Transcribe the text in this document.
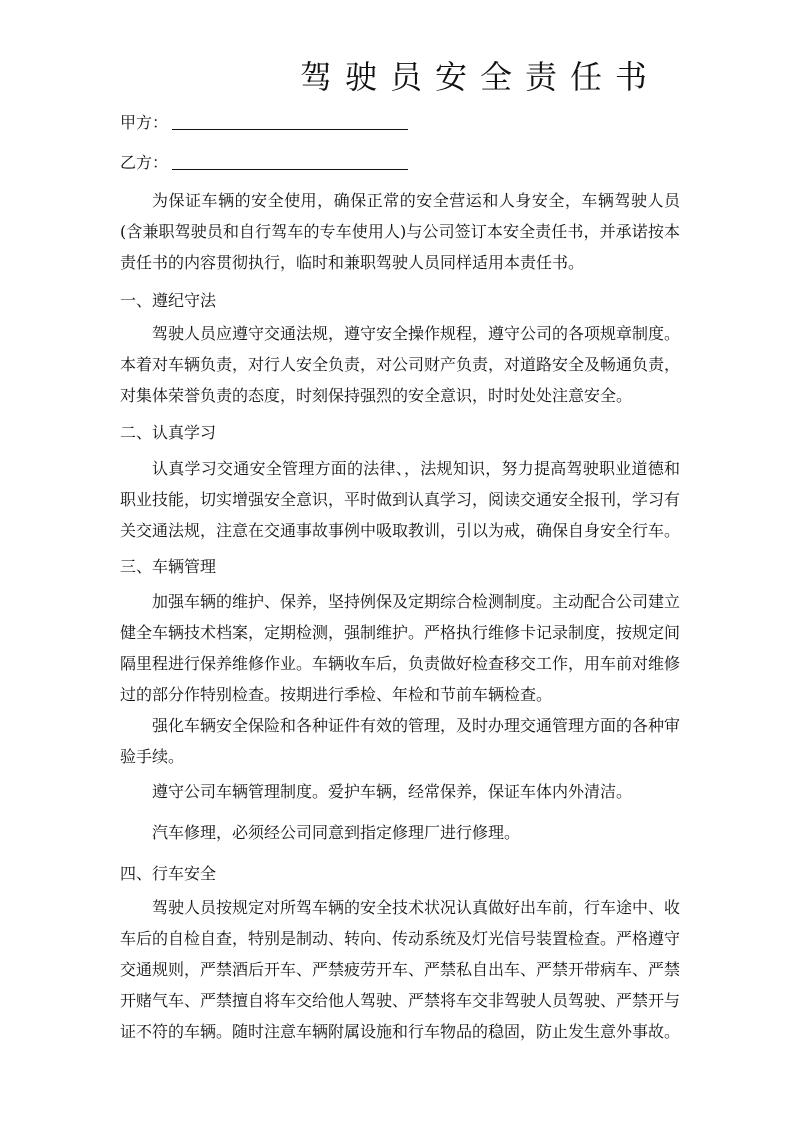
驾驶员安全责任书
甲方：
乙方：
为保证车辆的安全使用，确保正常的安全营运和人身安全，车辆驾驶人员(含兼职驾驶员和自行驾车的专车使用人)与公司签订本安全责任书，并承诺按本责任书的内容贯彻执行，临时和兼职驾驶人员同样适用本责任书。
一、遵纪守法
驾驶人员应遵守交通法规，遵守安全操作规程，遵守公司的各项规章制度。本着对车辆负责，对行人安全负责，对公司财产负责，对道路安全及畅通负责，对集体荣誉负责的态度，时刻保持强烈的安全意识，时时处处注意安全。
二、认真学习
认真学习交通安全管理方面的法律、，法规知识，努力提高驾驶职业道德和职业技能，切实增强安全意识，平时做到认真学习，阅读交通安全报刊，学习有关交通法规，注意在交通事故事例中吸取教训，引以为戒，确保自身安全行车。
三、车辆管理
加强车辆的维护、保养，坚持例保及定期综合检测制度。主动配合公司建立健全车辆技术档案，定期检测，强制维护。严格执行维修卡记录制度，按规定间隔里程进行保养维修作业。车辆收车后，负责做好检查移交工作，用车前对维修过的部分作特别检查。按期进行季检、年检和节前车辆检查。
强化车辆安全保险和各种证件有效的管理，及时办理交通管理方面的各种审验手续。
遵守公司车辆管理制度。爱护车辆，经常保养，保证车体内外清洁。
汽车修理，必须经公司同意到指定修理厂进行修理。
四、行车安全
驾驶人员按规定对所驾车辆的安全技术状况认真做好出车前，行车途中、收车后的自检自查，特别是制动、转向、传动系统及灯光信号装置检查。严格遵守交通规则，严禁酒后开车、严禁疲劳开车、严禁私自出车、严禁开带病车、严禁开赌气车、严禁擅自将车交给他人驾驶、严禁将车交非驾驶人员驾驶、严禁开与证不符的车辆。随时注意车辆附属设施和行车物品的稳固，防止发生意外事故。
